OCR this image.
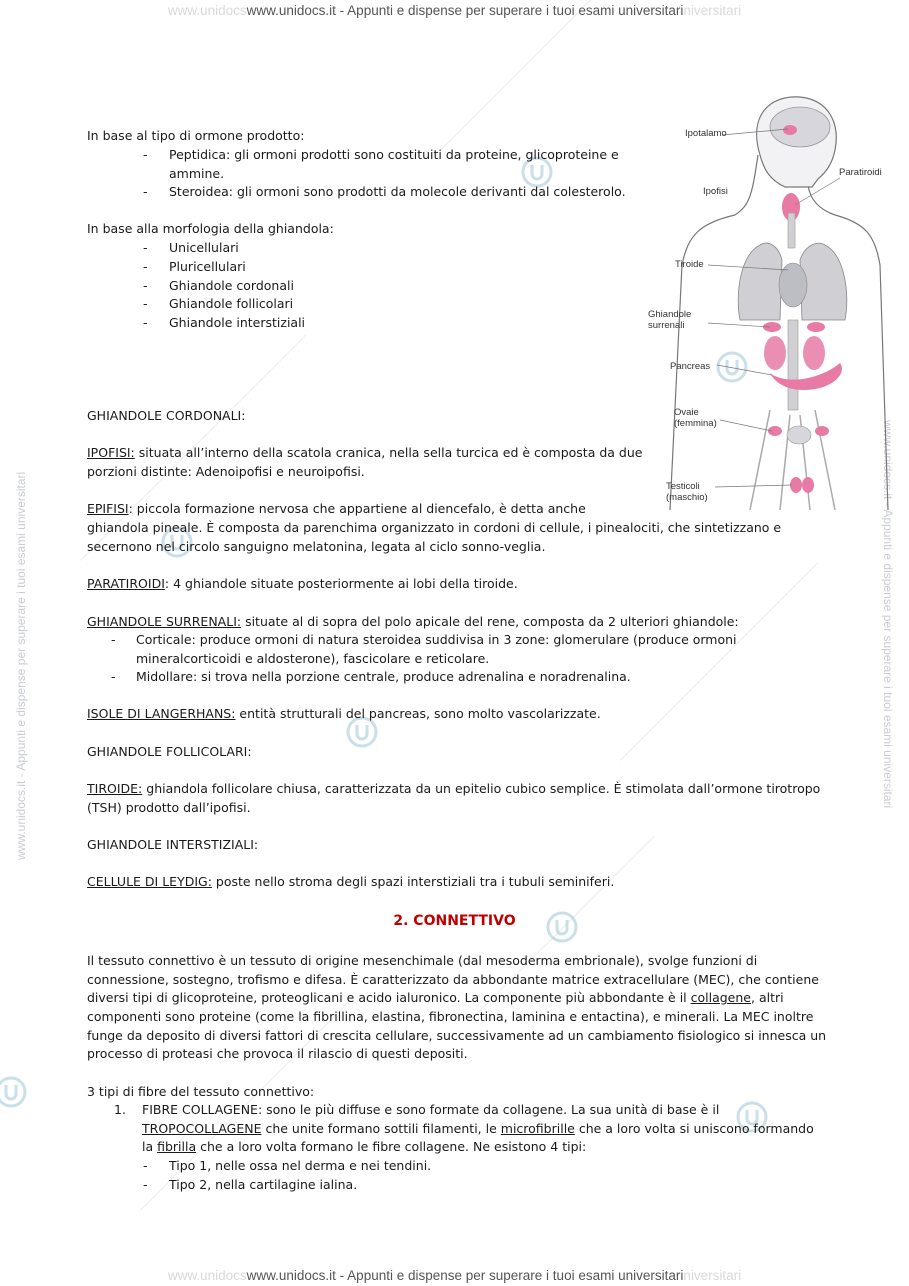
www.unidocswww.unidocs.it - Appunti e dispense per superare i tuoi esami universitariniversitari
www.unidocswww.unidocs.it - Appunti e dispense per superare i tuoi esami universitariniversitari
www.unidocs.it - Appunti e dispense per superare i tuoi esami universitari	www.unidocs.it - Appunti e dispense per superare i tuoi esami universitari
Ipotalamo
Paratiroidi
Ipofisi
Tiroide
Ghiandole
surrenali
Pancreas
Ovaie
(femmina)
Testicoli
(maschio)
In base al tipo di ormone prodotto:
-	Peptidica: gli ormoni prodotti sono costituiti da proteine, glicoproteine e
ammine.
-	Steroidea: gli ormoni sono prodotti da molecole derivanti dal colesterolo.
In base alla morfologia della ghiandola:
-	Unicellulari
-	Pluricellulari
-	Ghiandole cordonali
-	Ghiandole follicolari
-	Ghiandole interstiziali
GHIANDOLE CORDONALI:
IPOFISI: situata all’interno della scatola cranica, nella sella turcica ed è composta da due
porzioni distinte: Adenoipofisi e neuroipofisi.
EPIFISI: piccola formazione nervosa che appartiene al diencefalo, è detta anche
ghiandola pineale. È composta da parenchima organizzato in cordoni di cellule, i pinealociti, che sintetizzano e
secernono nel circolo sanguigno melatonina, legata al ciclo sonno-veglia.
PARATIROIDI: 4 ghiandole situate posteriormente ai lobi della tiroide.
GHIANDOLE SURRENALI: situate al di sopra del polo apicale del rene, composta da 2 ulteriori ghiandole:
-	Corticale: produce ormoni di natura steroidea suddivisa in 3 zone: glomerulare (produce ormoni
mineralcorticoidi e aldosterone), fascicolare e reticolare.
-	Midollare: si trova nella porzione centrale, produce adrenalina e noradrenalina.
ISOLE DI LANGERHANS: entità strutturali del pancreas, sono molto vascolarizzate.
GHIANDOLE FOLLICOLARI:
TIROIDE: ghiandola follicolare chiusa, caratterizzata da un epitelio cubico semplice. È stimolata dall’ormone tirotropo
(TSH) prodotto dall’ipofisi.
GHIANDOLE INTERSTIZIALI:
CELLULE DI LEYDIG: poste nello stroma degli spazi interstiziali tra i tubuli seminiferi.
2. CONNETTIVO
Il tessuto connettivo è un tessuto di origine mesenchimale (dal mesoderma embrionale), svolge funzioni di
connessione, sostegno, trofismo e difesa. È caratterizzato da abbondante matrice extracellulare (MEC), che contiene
diversi tipi di glicoproteine, proteoglicani e acido ialuronico. La componente più abbondante è il collagene, altri
componenti sono proteine (come la fibrillina, elastina, fibronectina, laminina e entactina), e minerali. La MEC inoltre
funge da deposito di diversi fattori di crescita cellulare, successivamente ad un cambiamento fisiologico si innesca un
processo di proteasi che provoca il rilascio di questi depositi.
3 tipi di fibre del tessuto connettivo:
1. FIBRE COLLAGENE: sono le più diffuse e sono formate da collagene. La sua unità di base è il
TROPOCOLLAGENE che unite formano sottili filamenti, le microfibrille che a loro volta si uniscono formando
la fibrilla che a loro volta formano le fibre collagene. Ne esistono 4 tipi:
-	Tipo 1, nelle ossa nel derma e nei tendini.
-	Tipo 2, nella cartilagine ialina.
